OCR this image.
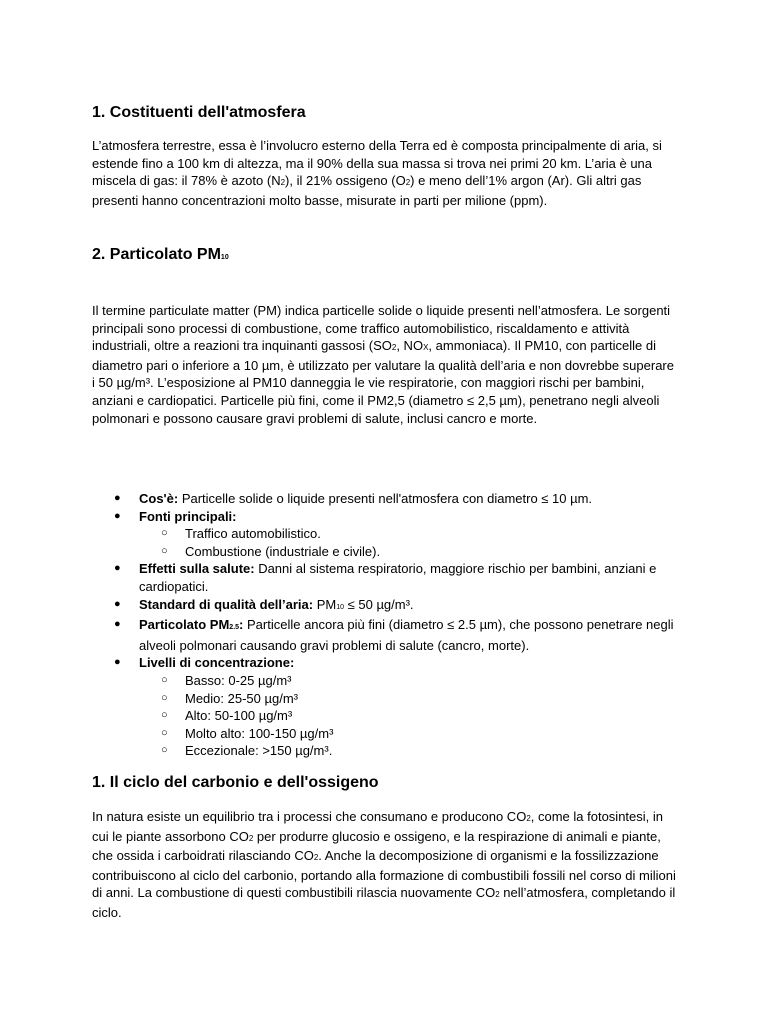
1. Costituenti dell'atmosfera

L’atmosfera terrestre, essa è l’involucro esterno della Terra ed è composta principalmente di aria, si estende fino a 100 km di altezza, ma il 90% della sua massa si trova nei primi 20 km. L’aria è una miscela di gas: il 78% è azoto (N2), il 21% ossigeno (O2) e meno dell’1% argon (Ar). Gli altri gas presenti hanno concentrazioni molto basse, misurate in parti per milione (ppm).

2. Particolato PM10

Il termine particulate matter (PM) indica particelle solide o liquide presenti nell’atmosfera. Le sorgenti principali sono processi di combustione, come traffico automobilistico, riscaldamento e attività industriali, oltre a reazioni tra inquinanti gassosi (SO2, NOX, ammoniaca). Il PM10, con particelle di diametro pari o inferiore a 10 µm, è utilizzato per valutare la qualità dell’aria e non dovrebbe superare i 50 µg/m³. L’esposizione al PM10 danneggia le vie respiratorie, con maggiori rischi per bambini, anziani e cardiopatici. Particelle più fini, come il PM2,5 (diametro ≤ 2,5 µm), penetrano negli alveoli polmonari e possono causare gravi problemi di salute, inclusi cancro e morte.

● Cos'è: Particelle solide o liquide presenti nell'atmosfera con diametro ≤ 10 µm.
● Fonti principali:
○ Traffico automobilistico.
○ Combustione (industriale e civile).
● Effetti sulla salute: Danni al sistema respiratorio, maggiore rischio per bambini, anziani e cardiopatici.
● Standard di qualità dell’aria: PM10 ≤ 50 µg/m³.
● Particolato PM2.5: Particelle ancora più fini (diametro ≤ 2.5 µm), che possono penetrare negli alveoli polmonari causando gravi problemi di salute (cancro, morte).
● Livelli di concentrazione:
○ Basso: 0-25 µg/m³
○ Medio: 25-50 µg/m³
○ Alto: 50-100 µg/m³
○ Molto alto: 100-150 µg/m³
○ Eccezionale: >150 µg/m³.
1. Il ciclo del carbonio e dell'ossigeno

In natura esiste un equilibrio tra i processi che consumano e producono CO2, come la fotosintesi, in cui le piante assorbono CO2 per produrre glucosio e ossigeno, e la respirazione di animali e piante, che ossida i carboidrati rilasciando CO2. Anche la decomposizione di organismi e la fossilizzazione contribuiscono al ciclo del carbonio, portando alla formazione di combustibili fossili nel corso di milioni di anni. La combustione di questi combustibili rilascia nuovamente CO2 nell’atmosfera, completando il ciclo.
